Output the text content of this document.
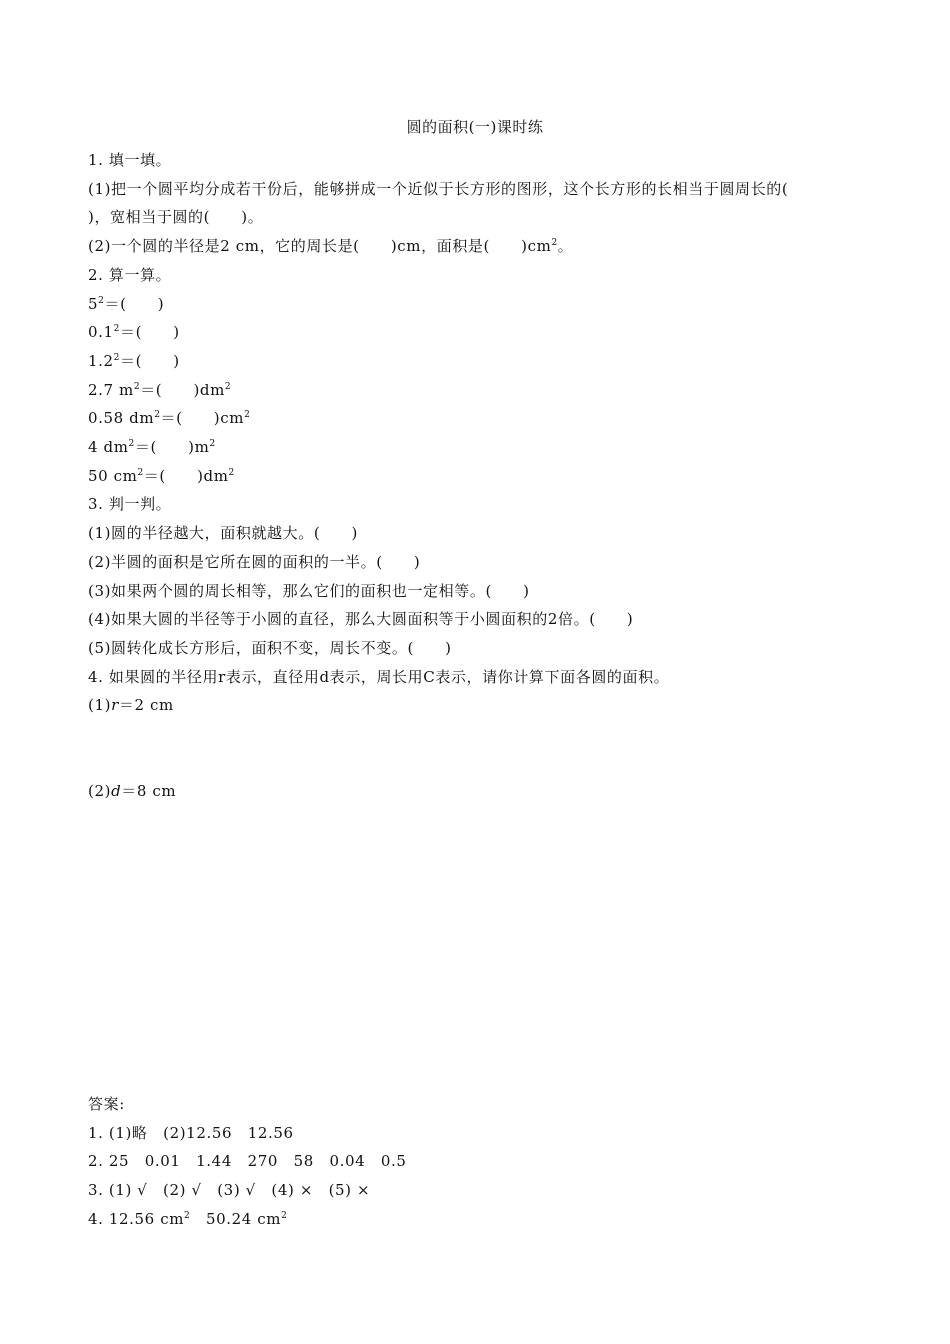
圆的面积(一)课时练
1. 填一填。
(1)把一个圆平均分成若干份后，能够拼成一个近似于长方形的图形，这个长方形的长相当于圆周长的(
)，宽相当于圆的(　　)。
(2)一个圆的半径是2 cm，它的周长是(　　)cm，面积是(　　)$cm^2$。
2. 算一算。
$5^2=$(　　)
$0.1^2=$(　　)
$1.2^2=$(　　)
2.7 $m^2=$(　　)$dm^2$
0.58 $dm^2=$(　　)$cm^2$
4 $dm^2=$(　　)$m^2$
50 $cm^2=$(　　)$dm^2$
3. 判一判。
(1)圆的半径越大，面积就越大。(　　)
(2)半圆的面积是它所在圆的面积的一半。(　　)
(3)如果两个圆的周长相等，那么它们的面积也一定相等。(　　)
(4)如果大圆的半径等于小圆的直径，那么大圆面积等于小圆面积的2倍。(　　)
(5)圆转化成长方形后，面积不变，周长不变。(　　)
4. 如果圆的半径用r表示，直径用d表示，周长用C表示，请你计算下面各圆的面积。
(1)r＝2 cm
(2)d＝8 cm
答案:
1. (1)略　(2)12.56　12.56
2. 25　0.01　1.44　270　58　0.04　0.5
3. (1) √　(2) √　(3) √　(4) ×　(5) ×
4. 12.56 $cm^2$　50.24 $cm^2$
